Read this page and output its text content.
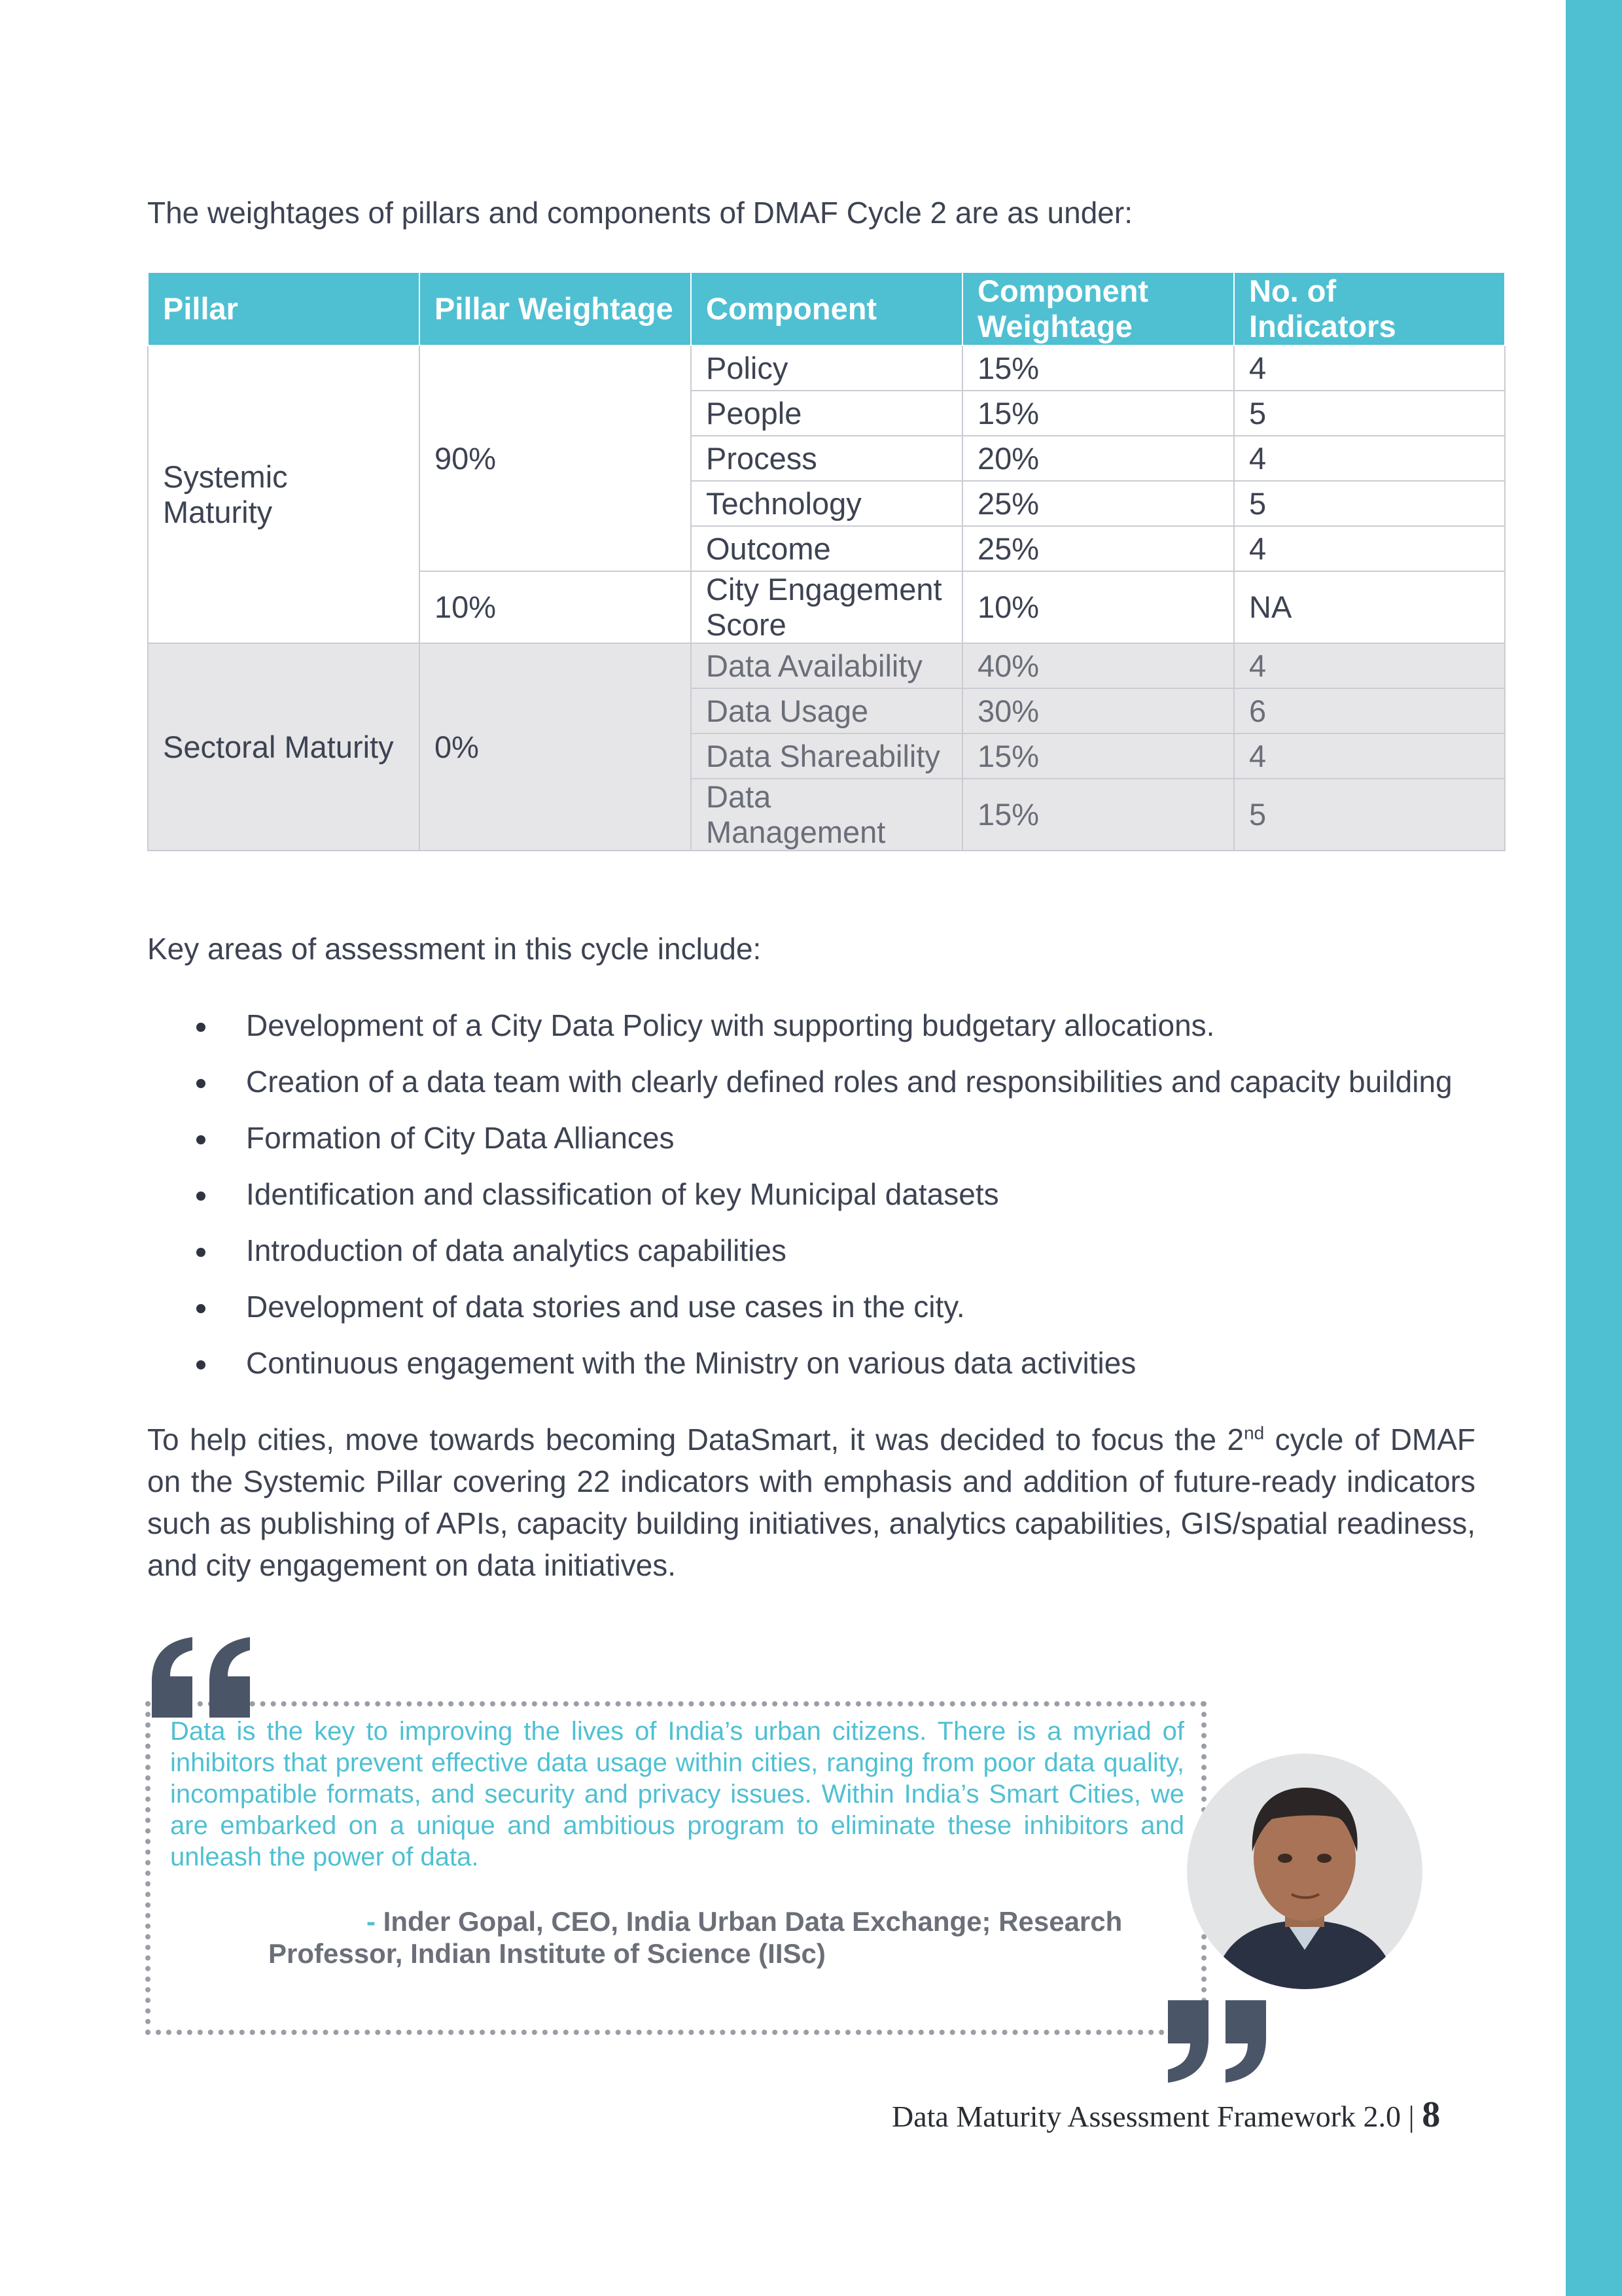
The weightages of pillars and components of DMAF Cycle 2 are as under:
Pillar	Pillar Weightage	Component	Component Weightage	No. of Indicators
Systemic Maturity	90%	Policy	15%	4
		People	15%	5
		Process	20%	4
		Technology	25%	5
		Outcome	25%	4
	10%	City Engagement Score	10%	NA
Sectoral Maturity	0%	Data Availability	40%	4
		Data Usage	30%	6
		Data Shareability	15%	4
		Data Management	15%	5
Key areas of assessment in this cycle include:
Development of a City Data Policy with supporting budgetary allocations.
Creation of a data team with clearly defined roles and responsibilities and capacity building
Formation of City Data Alliances
Identification and classification of key Municipal datasets
Introduction of data analytics capabilities
Development of data stories and use cases in the city.
Continuous engagement with the Ministry on various data activities
To help cities, move towards becoming DataSmart, it was decided to focus the 2nd cycle of DMAF on the Systemic Pillar covering 22 indicators with emphasis and addition of future-ready indicators such as publishing of APIs, capacity building initiatives, analytics capabilities, GIS/spatial readiness, and city engagement on data initiatives.
Data is the key to improving the lives of India’s urban citizens. There is a myriad of inhibitors that prevent effective data usage within cities, ranging from poor data quality, incompatible formats, and security and privacy issues. Within India’s Smart Cities, we are embarked on a unique and ambitious program to eliminate these inhibitors and unleash the power of data.
- Inder Gopal, CEO, India Urban Data Exchange; Research
Professor, Indian Institute of Science (IISc)
Data Maturity Assessment Framework 2.0 | 8
